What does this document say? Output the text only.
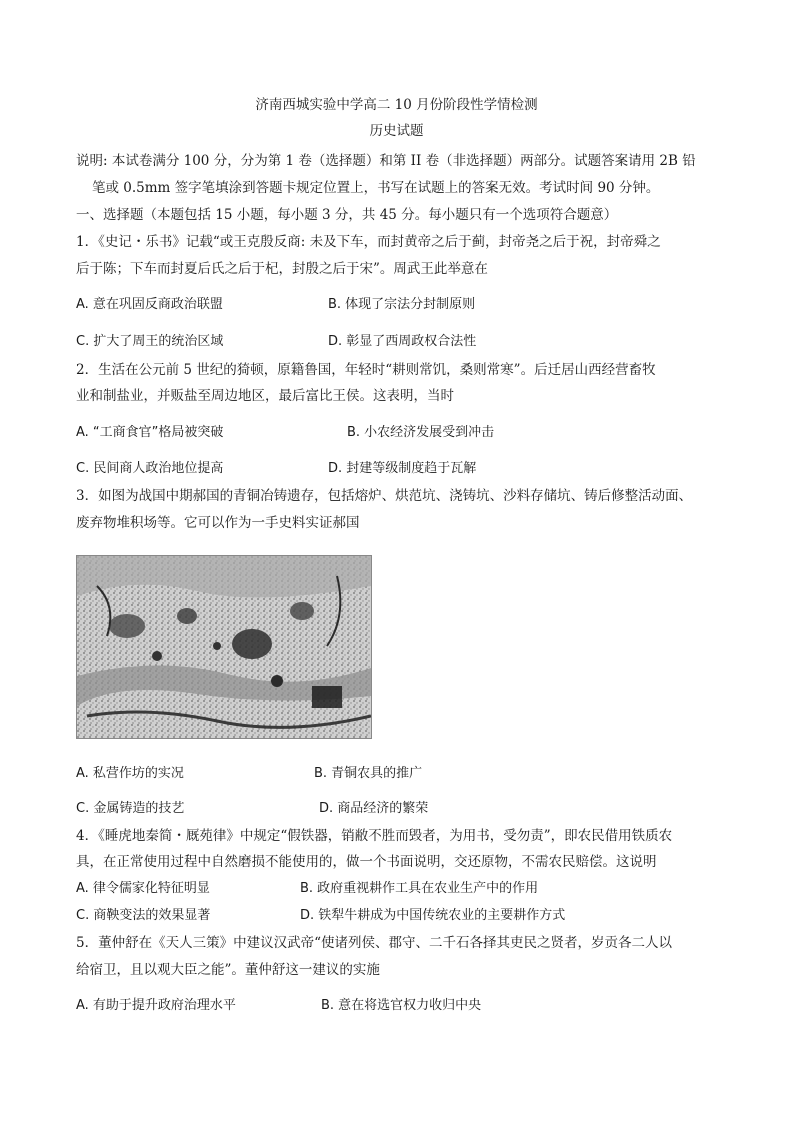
济南西城实验中学高二 10 月份阶段性学情检测
历史试题
说明: 本试卷满分 100 分，分为第 1 卷（选择题）和第 II 卷（非选择题）两部分。试题答案请用 2B 铅
笔或 0.5mm 签字笔填涂到答题卡规定位置上，书写在试题上的答案无效。考试时间 90 分钟。
一、选择题（本题包括 15 小题，每小题 3 分，共 45 分。每小题只有一个选项符合题意）
1．《史记・乐书》记载“或王克殷反商: 未及下车，而封黄帝之后于蓟，封帝尧之后于祝，封帝舜之
后于陈；下车而封夏后氏之后于杞，封殷之后于宋”。周武王此举意在
A. 意在巩固反商政治联盟	B. 体现了宗法分封制原则
C. 扩大了周王的统治区域	D. 彰显了西周政权合法性
2．生活在公元前 5 世纪的猗顿，原籍鲁国，年轻时“耕则常饥，桑则常寒”。后迁居山西经营畜牧
业和制盐业，并贩盐至周边地区，最后富比王侯。这表明，当时
A. “工商食官”格局被突破	B. 小农经济发展受到冲击
C. 民间商人政治地位提高	D. 封建等级制度趋于瓦解
3．如图为战国中期郝国的青铜冶铸遗存，包括熔炉、烘范坑、浇铸坑、沙料存储坑、铸后修整活动面、
废弃物堆积场等。它可以作为一手史料实证郝国
A. 私营作坊的实况	B. 青铜农具的推广
C. 金属铸造的技艺	D. 商品经济的繁荣
4．《睡虎地秦简・厩苑律》中规定“假铁器，销敝不胜而毁者，为用书，受勿责”，即农民借用铁质农
具，在正常使用过程中自然磨损不能使用的，做一个书面说明，交还原物，不需农民赔偿。这说明
A. 律令儒家化特征明显	B. 政府重视耕作工具在农业生产中的作用
C. 商鞅变法的效果显著	D. 铁犁牛耕成为中国传统农业的主要耕作方式
5．董仲舒在《天人三策》中建议汉武帝“使诸列侯、郡守、二千石各择其吏民之贤者，岁贡各二人以
给宿卫，且以观大臣之能”。董仲舒这一建议的实施
A. 有助于提升政府治理水平	B. 意在将选官权力收归中央
